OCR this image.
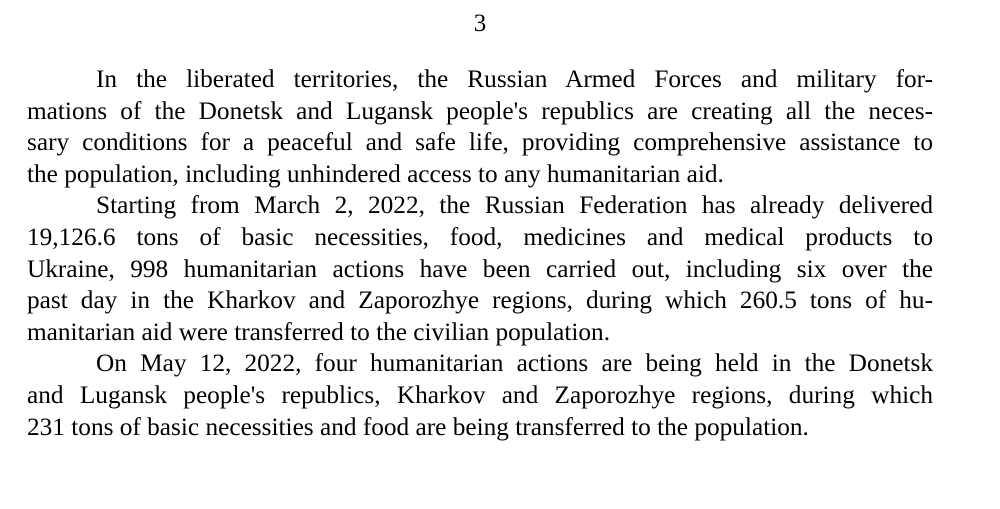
3

In the liberated territories, the Russian Armed Forces and military for-
mations of the Donetsk and Lugansk people's republics are creating all the neces-
sary conditions for a peaceful and safe life, providing comprehensive assistance to
the population, including unhindered access to any humanitarian aid.

Starting from March 2, 2022, the Russian Federation has already delivered
19,126.6 tons of basic necessities, food, medicines and medical products to
Ukraine, 998 humanitarian actions have been carried out, including six over the
past day in the Kharkov and Zaporozhye regions, during which 260.5 tons of hu-
manitarian aid were transferred to the civilian population.

On May 12, 2022, four humanitarian actions are being held in the Donetsk
and Lugansk people's republics, Kharkov and Zaporozhye regions, during which
231 tons of basic necessities and food are being transferred to the population.
